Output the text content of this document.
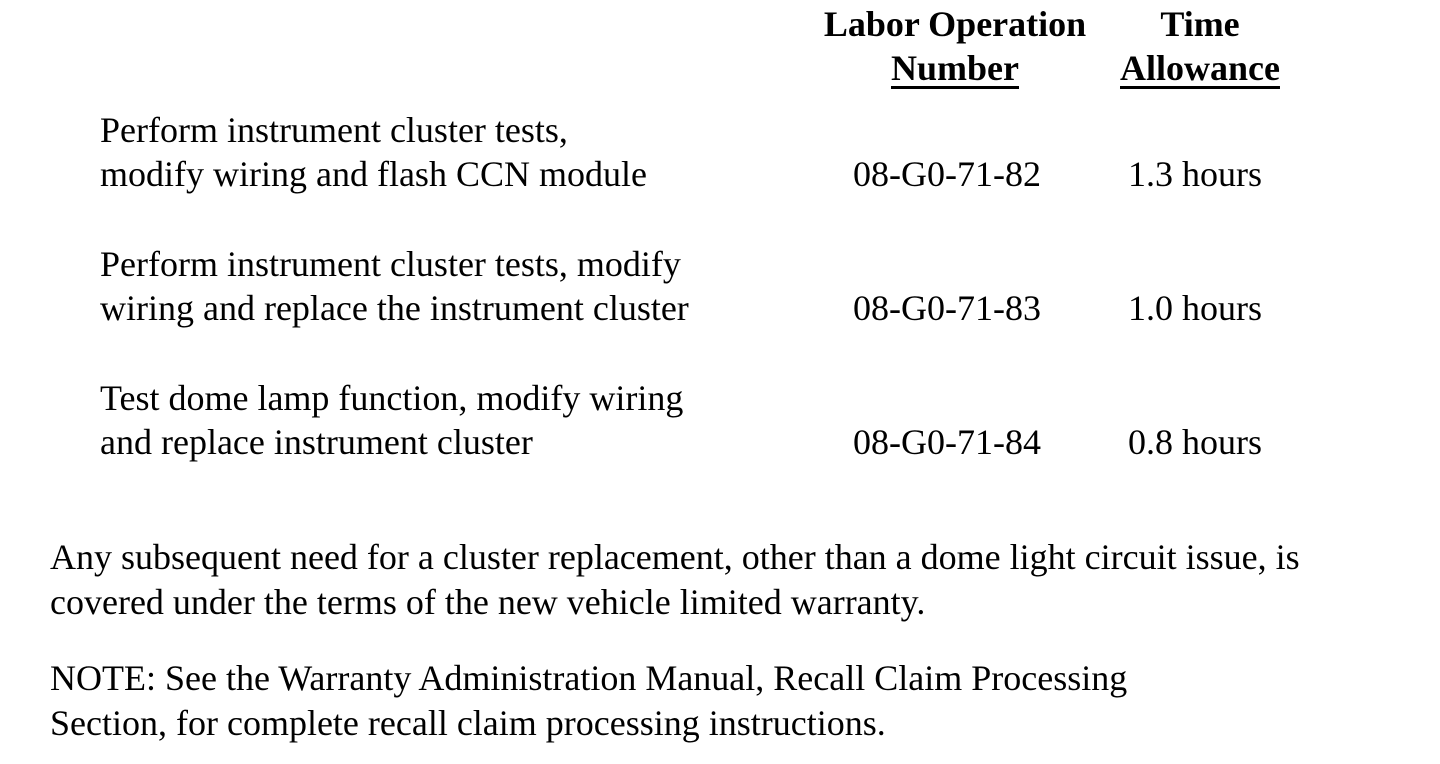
Labor Operation
Number
Time
Allowance
Perform instrument cluster tests,
modify wiring and flash CCN module	08-G0-71-82 1.3 hours
Perform instrument cluster tests, modify
wiring and replace the instrument cluster	08-G0-71-83 1.0 hours
Test dome lamp function, modify wiring
and replace instrument cluster	08-G0-71-84 0.8 hours
Any subsequent need for a cluster replacement, other than a dome light circuit issue, is
covered under the terms of the new vehicle limited warranty.
NOTE: See the Warranty Administration Manual, Recall Claim Processing
Section, for complete recall claim processing instructions.
